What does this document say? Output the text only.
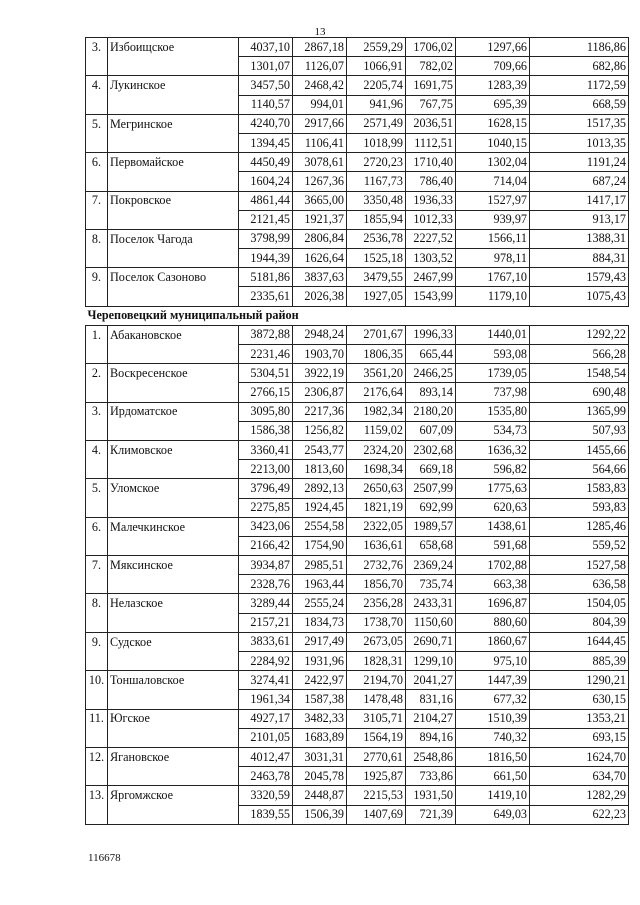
13
3.	Избоищское	4037,10	2867,18	2559,29	1706,02	1297,66	1186,86
		1301,07	1126,07	1066,91	782,02	709,66	682,86
4.	Лукинское	3457,50	2468,42	2205,74	1691,75	1283,39	1172,59
		1140,57	994,01	941,96	767,75	695,39	668,59
5.	Мегринское	4240,70	2917,66	2571,49	2036,51	1628,15	1517,35
		1394,45	1106,41	1018,99	1112,51	1040,15	1013,35
6.	Первомайское	4450,49	3078,61	2720,23	1710,40	1302,04	1191,24
		1604,24	1267,36	1167,73	786,40	714,04	687,24
7.	Покровское	4861,44	3665,00	3350,48	1936,33	1527,97	1417,17
		2121,45	1921,37	1855,94	1012,33	939,97	913,17
8.	Поселок Чагода	3798,99	2806,84	2536,78	2227,52	1566,11	1388,31
		1944,39	1626,64	1525,18	1303,52	978,11	884,31
9.	Поселок Сазоново	5181,86	3837,63	3479,55	2467,99	1767,10	1579,43
		2335,61	2026,38	1927,05	1543,99	1179,10	1075,43
Череповецкий муниципальный район							
1.	Абакановское	3872,88	2948,24	2701,67	1996,33	1440,01	1292,22
		2231,46	1903,70	1806,35	665,44	593,08	566,28
2.	Воскресенское	5304,51	3922,19	3561,20	2466,25	1739,05	1548,54
		2766,15	2306,87	2176,64	893,14	737,98	690,48
3.	Ирдоматское	3095,80	2217,36	1982,34	2180,20	1535,80	1365,99
		1586,38	1256,82	1159,02	607,09	534,73	507,93
4.	Климовское	3360,41	2543,77	2324,20	2302,68	1636,32	1455,66
		2213,00	1813,60	1698,34	669,18	596,82	564,66
5.	Уломское	3796,49	2892,13	2650,63	2507,99	1775,63	1583,83
		2275,85	1924,45	1821,19	692,99	620,63	593,83
6.	Малечкинское	3423,06	2554,58	2322,05	1989,57	1438,61	1285,46
		2166,42	1754,90	1636,61	658,68	591,68	559,52
7.	Мяксинское	3934,87	2985,51	2732,76	2369,24	1702,88	1527,58
		2328,76	1963,44	1856,70	735,74	663,38	636,58
8.	Нелазское	3289,44	2555,24	2356,28	2433,31	1696,87	1504,05
		2157,21	1834,73	1738,70	1150,60	880,60	804,39
9.	Судское	3833,61	2917,49	2673,05	2690,71	1860,67	1644,45
		2284,92	1931,96	1828,31	1299,10	975,10	885,39
10.	Тоншаловское	3274,41	2422,97	2194,70	2041,27	1447,39	1290,21
		1961,34	1587,38	1478,48	831,16	677,32	630,15
11.	Югское	4927,17	3482,33	3105,71	2104,27	1510,39	1353,21
		2101,05	1683,89	1564,19	894,16	740,32	693,15
12.	Ягановское	4012,47	3031,31	2770,61	2548,86	1816,50	1624,70
		2463,78	2045,78	1925,87	733,86	661,50	634,70
13.	Яргомжское	3320,59	2448,87	2215,53	1931,50	1419,10	1282,29
		1839,55	1506,39	1407,69	721,39	649,03	622,23
116678
